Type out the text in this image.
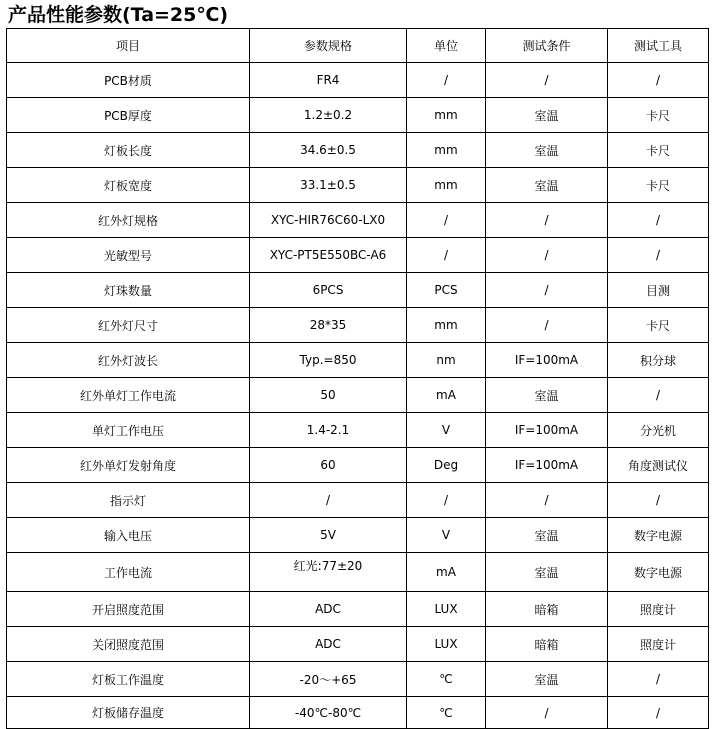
产品性能参数(Ta=25℃)
项目	参数规格	单位	测试条件	测试工具
PCB材质	FR4	/	/	/
PCB厚度	1.2±0.2	mm	室温	卡尺
灯板长度	34.6±0.5	mm	室温	卡尺
灯板宽度	33.1±0.5	mm	室温	卡尺
红外灯规格	XYC-HIR76C60-LX0	/	/	/
光敏型号	XYC-PT5E550BC-A6	/	/	/
灯珠数量	6PCS	PCS	/	目测
红外灯尺寸	28*35	mm	/	卡尺
红外灯波长	Typ.=850	nm	IF=100mA	积分球
红外单灯工作电流	50	mA	室温	/
单灯工作电压	1.4-2.1	V	IF=100mA	分光机
红外单灯发射角度	60	Deg	IF=100mA	角度测试仪
指示灯	/	/	/	/
输入电压	5V	V	室温	数字电源
工作电流	红光:77±20	mA	室温	数字电源
开启照度范围	ADC	LUX	暗箱	照度计
关闭照度范围	ADC	LUX	暗箱	照度计
灯板工作温度	-20～+65	℃	室温	/
灯板储存温度	-40℃-80℃	℃	/	/
